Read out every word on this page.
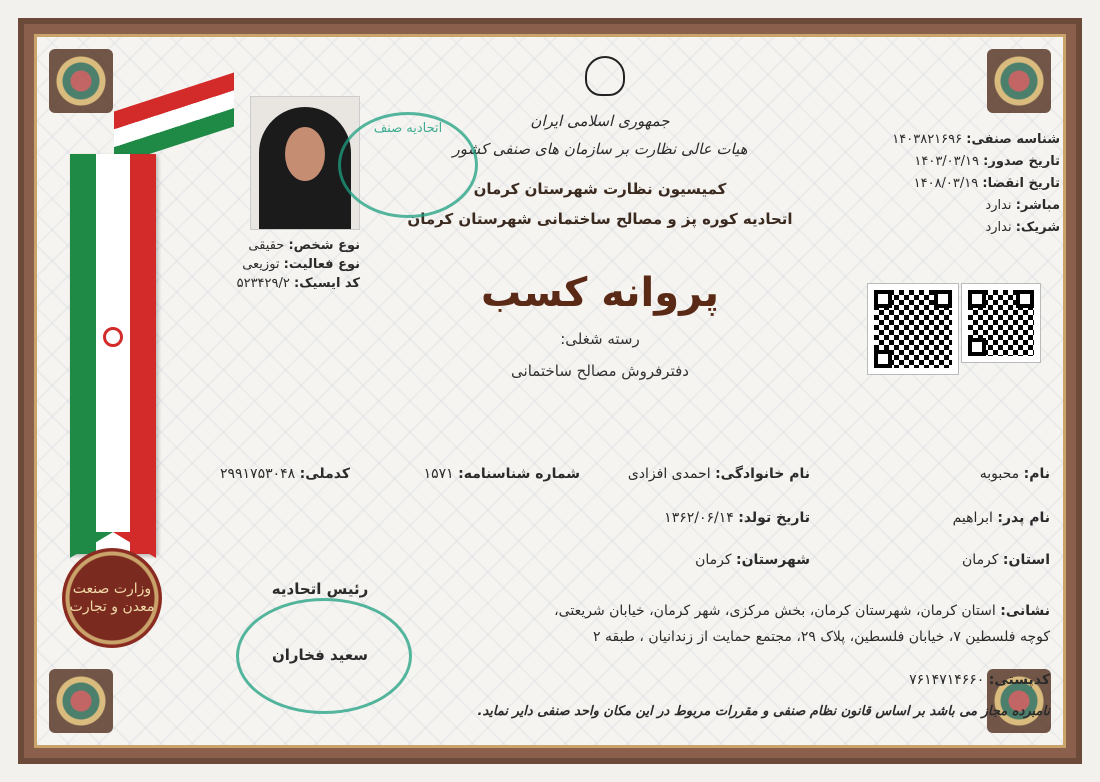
وزارت صنعت معدن و تجارت
جمهوری اسلامی ایران
هیات عالی نظارت بر سازمان های صنفی کشور
کمیسیون نظارت شهرستان کرمان
اتحادیه کوره پز و مصالح ساختمانی شهرستان کرمان
پروانه کسب
رسته شغلی:
دفترفروش مصالح ساختمانی
اتحادیه صنف
نوع شخص: حقیقی
نوع فعالیت: توزیعی
کد ایسیک: ۵۲۳۴۲۹/۲
شناسه صنفی: ۱۴۰۳۸۲۱۶۹۶
تاریخ صدور: ۱۴۰۳/۰۳/۱۹
تاریخ انقضا: ۱۴۰۸/۰۳/۱۹
مباشر: ندارد
شریک: ندارد
نام: محبوبه
نام خانوادگی: احمدی افزادی
شماره شناسنامه: ۱۵۷۱
کدملی: ۲۹۹۱۷۵۳۰۴۸
نام پدر: ابراهیم
تاریخ تولد: ۱۳۶۲/۰۶/۱۴
استان: کرمان
شهرستان: کرمان
نشانی: استان کرمان، شهرستان کرمان، بخش مرکزی، شهر کرمان، خیابان شریعتی،
کوچه فلسطین ۷، خیابان فلسطین، پلاک ۲۹، مجتمع حمایت از زندانیان ، طبقه ۲
کدپستی: ۷۶۱۴۷۱۴۶۶۰
نامبرده مجاز می باشد بر اساس قانون نظام صنفی و مقررات مربوط در این مکان واحد صنفی دایر نماید.
رئیس اتحادیه
سعید فخاران
